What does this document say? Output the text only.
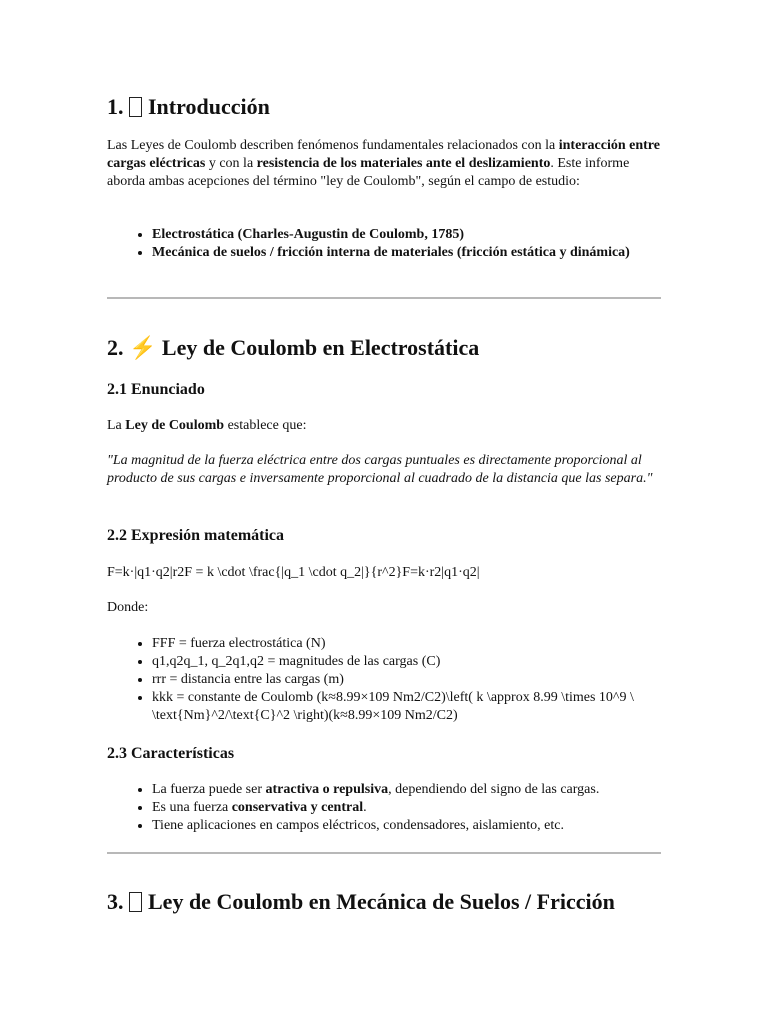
1. Introducción

Las Leyes de Coulomb describen fenómenos fundamentales relacionados con la interacción entre cargas eléctricas y con la resistencia de los materiales ante el deslizamiento. Este informe aborda ambas acepciones del término "ley de Coulomb", según el campo de estudio:

• Electrostática (Charles-Augustin de Coulomb, 1785)
• Mecánica de suelos / fricción interna de materiales (fricción estática y dinámica)
2. ⚡ Ley de Coulomb en Electrostática
2.1 Enunciado

La Ley de Coulomb establece que:

"La magnitud de la fuerza eléctrica entre dos cargas puntuales es directamente proporcional al producto de sus cargas e inversamente proporcional al cuadrado de la distancia que las separa."

2.2 Expresión matemática

F=k·|q1·q2|r2F = k \cdot \frac{|q_1 \cdot q_2|}{r^2}F=k·r2|q1·q2|

Donde:

• FFF = fuerza electrostática (N)
• q1,q2q_1, q_2q1,q2 = magnitudes de las cargas (C)
• rrr = distancia entre las cargas (m)
• kkk = constante de Coulomb (k≈8.99×109 Nm2/C2)\left( k \approx 8.99 \times 10^9 \ \text{Nm}^2/\text{C}^2 \right)(k≈8.99×109 Nm2/C2)
2.3 Características
• La fuerza puede ser atractiva o repulsiva, dependiendo del signo de las cargas.
• Es una fuerza conservativa y central.
• Tiene aplicaciones en campos eléctricos, condensadores, aislamiento, etc.
3. Ley de Coulomb en Mecánica de Suelos / Fricción
